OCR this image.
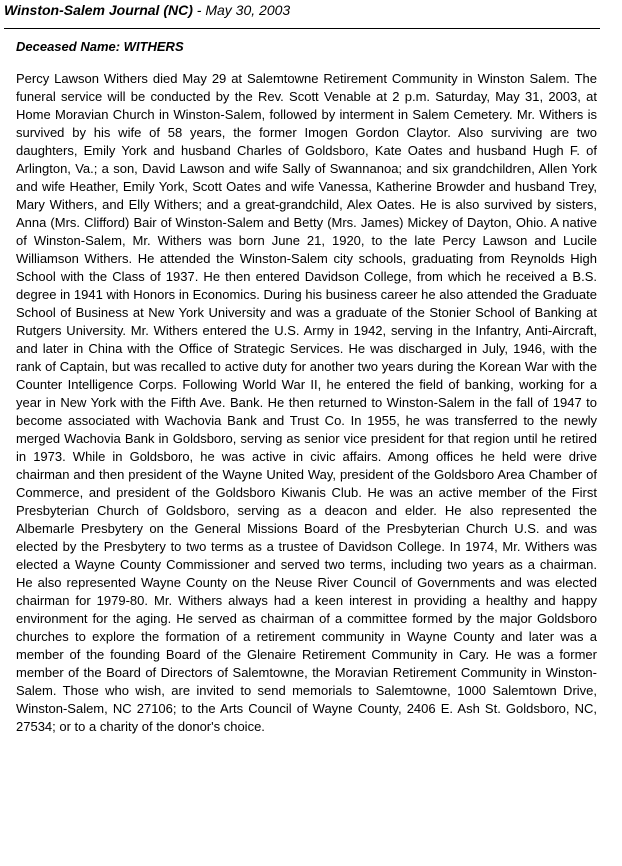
Winston-Salem Journal (NC) - May 30, 2003
Deceased Name: WITHERS

Percy Lawson Withers died May 29 at Salemtowne Retirement Community in Winston Salem. The funeral service will be conducted by the Rev. Scott Venable at 2 p.m. Saturday, May 31, 2003, at Home Moravian Church in Winston-Salem, followed by interment in Salem Cemetery. Mr. Withers is survived by his wife of 58 years, the former Imogen Gordon Claytor. Also surviving are two daughters, Emily York and husband Charles of Goldsboro, Kate Oates and husband Hugh F. of Arlington, Va.; a son, David Lawson and wife Sally of Swannanoa; and six grandchildren, Allen York and wife Heather, Emily York, Scott Oates and wife Vanessa, Katherine Browder and husband Trey, Mary Withers, and Elly Withers; and a great-grandchild, Alex Oates. He is also survived by sisters, Anna (Mrs. Clifford) Bair of Winston-Salem and Betty (Mrs. James) Mickey of Dayton, Ohio. A native of Winston-Salem, Mr. Withers was born June 21, 1920, to the late Percy Lawson and Lucile Williamson Withers. He attended the Winston-Salem city schools, graduating from Reynolds High School with the Class of 1937. He then entered Davidson College, from which he received a B.S. degree in 1941 with Honors in Economics. During his business career he also attended the Graduate School of Business at New York University and was a graduate of the Stonier School of Banking at Rutgers University. Mr. Withers entered the U.S. Army in 1942, serving in the Infantry, Anti-Aircraft, and later in China with the Office of Strategic Services. He was discharged in July, 1946, with the rank of Captain, but was recalled to active duty for another two years during the Korean War with the Counter Intelligence Corps. Following World War II, he entered the field of banking, working for a year in New York with the Fifth Ave. Bank. He then returned to Winston-Salem in the fall of 1947 to become associated with Wachovia Bank and Trust Co. In 1955, he was transferred to the newly merged Wachovia Bank in Goldsboro, serving as senior vice president for that region until he retired in 1973. While in Goldsboro, he was active in civic affairs. Among offices he held were drive chairman and then president of the Wayne United Way, president of the Goldsboro Area Chamber of Commerce, and president of the Goldsboro Kiwanis Club. He was an active member of the First Presbyterian Church of Goldsboro, serving as a deacon and elder. He also represented the Albemarle Presbytery on the General Missions Board of the Presbyterian Church U.S. and was elected by the Presbytery to two terms as a trustee of Davidson College. In 1974, Mr. Withers was elected a Wayne County Commissioner and served two terms, including two years as a chairman. He also represented Wayne County on the Neuse River Council of Governments and was elected chairman for 1979-80. Mr. Withers always had a keen interest in providing a healthy and happy environment for the aging. He served as chairman of a committee formed by the major Goldsboro churches to explore the formation of a retirement community in Wayne County and later was a member of the founding Board of the Glenaire Retirement Community in Cary. He was a former member of the Board of Directors of Salemtowne, the Moravian Retirement Community in Winston-Salem. Those who wish, are invited to send memorials to Salemtowne, 1000 Salemtown Drive, Winston-Salem, NC 27106; to the Arts Council of Wayne County, 2406 E. Ash St. Goldsboro, NC, 27534; or to a charity of the donor's choice.
